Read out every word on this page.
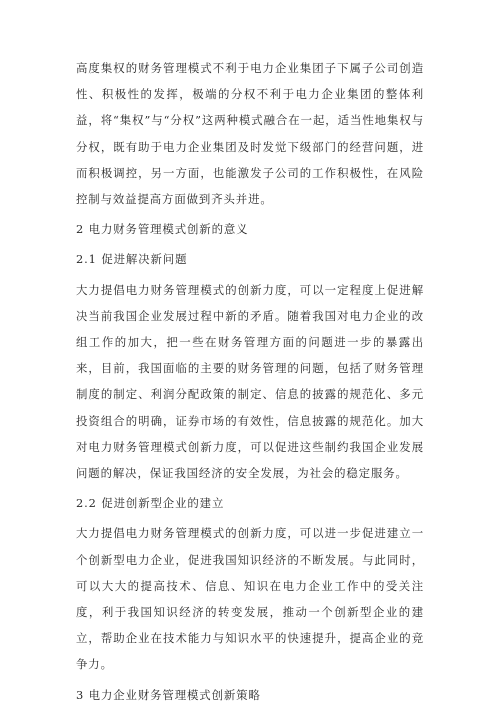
高度集权的财务管理模式不利于电力企业集团子下属子公司创造性、积极性的发挥，极端的分权不利于电力企业集团的整体利益，将“集权”与“分权”这两种模式融合在一起，适当性地集权与分权，既有助于电力企业集团及时发觉下级部门的经营问题，进而积极调控，另一方面，也能激发子公司的工作积极性，在风险控制与效益提高方面做到齐头并进。

2 电力财务管理模式创新的意义

2.1 促进解决新问题

大力提倡电力财务管理模式的创新力度，可以一定程度上促进解决当前我国企业发展过程中新的矛盾。随着我国对电力企业的改组工作的加大，把一些在财务管理方面的问题进一步的暴露出来，目前，我国面临的主要的财务管理的问题，包括了财务管理制度的制定、利润分配政策的制定、信息的披露的规范化、多元投资组合的明确，证券市场的有效性，信息披露的规范化。加大对电力财务管理模式创新力度，可以促进这些制约我国企业发展问题的解决，保证我国经济的安全发展，为社会的稳定服务。

2.2 促进创新型企业的建立

大力提倡电力财务管理模式的创新力度，可以进一步促进建立一个创新型电力企业，促进我国知识经济的不断发展。与此同时，可以大大的提高技术、信息、知识在电力企业工作中的受关注度，利于我国知识经济的转变发展，推动一个创新型企业的建立，帮助企业在技术能力与知识水平的快速提升，提高企业的竞争力。

3 电力企业财务管理模式创新策略
